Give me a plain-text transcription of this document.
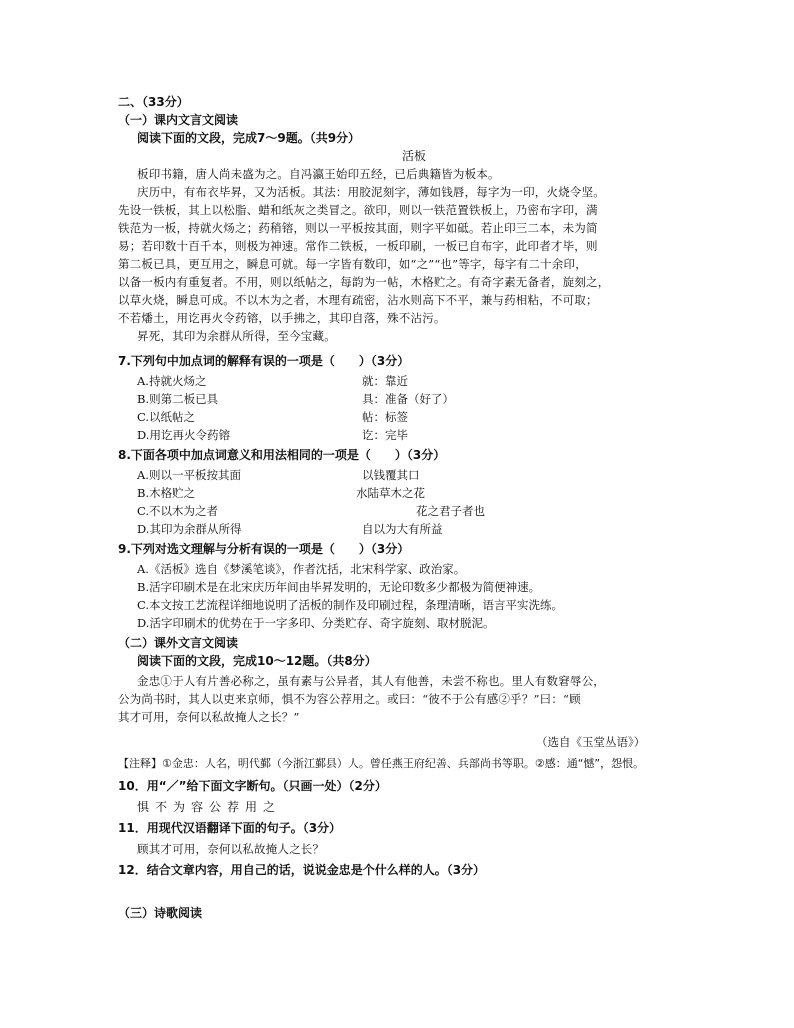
二、（33分）
（一）课内文言文阅读
阅读下面的文段，完成7～9题。（共9分）
活板
板印书籍，唐人尚未盛为之。自冯瀛王始印五经，已后典籍皆为板本。
庆历中，有布衣毕昇，又为活板。其法：用胶泥刻字，薄如钱唇，每字为一印，火烧令坚。
先设一铁板，其上以松脂、蜡和纸灰之类冒之。欲印，则以一铁范置铁板上，乃密布字印，满
铁范为一板，持就火炀之；药稍镕，则以一平板按其面，则字平如砥。若止印三二本，未为简
易；若印数十百千本，则极为神速。常作二铁板，一板印刷，一板已自布字，此印者才毕，则
第二板已具，更互用之，瞬息可就。每一字皆有数印，如“之”“也”等字，每字有二十余印，
以备一板内有重复者。不用，则以纸帖之，每韵为一帖，木格贮之。有奇字素无备者，旋刻之，
以草火烧，瞬息可成。不以木为之者，木理有疏密，沾水则高下不平，兼与药相粘，不可取；
不若燔土，用讫再火令药镕，以手拂之，其印自落，殊不沾污。
昇死，其印为余群从所得，至今宝藏。
7.下列句中加点词的解释有误的一项是（　　）（3分）
A.持就火炀之	就：靠近
B.则第二板已具	具：准备（好了）
C.以纸帖之	帖：标签
D.用讫再火令药镕	讫：完毕
8.下面各项中加点词意义和用法相同的一项是（　　）（3分）
A.则以一平板按其面	以钱覆其口
B.木格贮之	水陆草木之花
C.不以木为之者	花之君子者也
D.其印为余群从所得	自以为大有所益
9.下列对选文理解与分析有误的一项是（　　）（3分）
A.《活板》选自《梦溪笔谈》，作者沈括，北宋科学家、政治家。
B.活字印刷术是在北宋庆历年间由毕昇发明的，无论印数多少都极为简便神速。
C.本文按工艺流程详细地说明了活板的制作及印刷过程，条理清晰，语言平实洗练。
D.活字印刷术的优势在于一字多印、分类贮存、奇字旋刻、取材脱泥。
（二）课外文言文阅读
阅读下面的文段，完成10～12题。（共8分）
金忠①于人有片善必称之，虽有素与公异者，其人有他善，未尝不称也。里人有数窘辱公，
公为尚书时，其人以吏来京师，惧不为容公荐用之。或曰：“彼不于公有感②乎？”曰：“顾
其才可用，奈何以私故掩人之长？”
（选自《玉堂丛语》）
【注释】①金忠：人名，明代鄞（今浙江鄞县）人。曾任燕王府纪善、兵部尚书等职。②感：通“憾”，怨恨。
10．用“／”给下面文字断句。（只画一处）（2分）
惧不为容公荐用之
11．用现代汉语翻译下面的句子。（3分）
顾其才可用，奈何以私故掩人之长？
12．结合文章内容，用自己的话，说说金忠是个什么样的人。（3分）
（三）诗歌阅读
